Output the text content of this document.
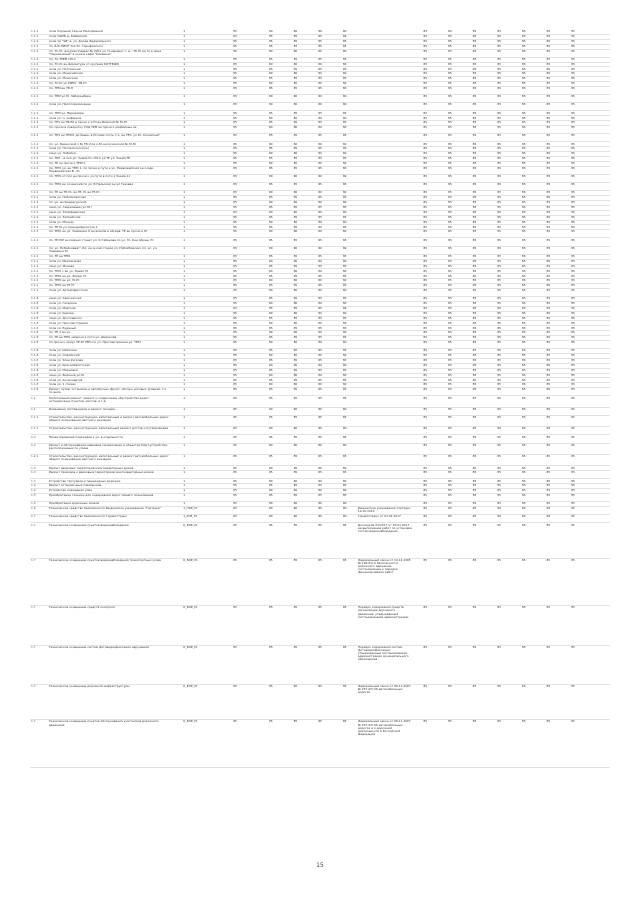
1.1.2	поле Хороший Сад на Молодёжной		1	85	80	80	80	80		85	80	85	85	85	85	85	
1.1.2	поле СШРБ д. Кобёвский		1	85	85	85	85	85		85	85	85	85	85	85	85	
1.1.2	поле 1А "ЧИ" в. ул. фасад Федерального		1	85	85	85	85	85		85	85	85	85	85	85	85	
1.1.2	пл. Б.Ф.НИСП Ток Ул. Горьфовского		1	85	85	85	85	85		85	85	85	85	85	85	85	
1.1.2	пл. ТС-Ю, документ/адрес № 2001 ул. Н-неравно т. ж.; ТК Ю ан ти в лица "Перемежный" в окне в кафе "Ромашка"		1	85	80	80	80	80		85	85	85	85	85	85	85	
1.1.2	пл. ТС-ТРЕМ 1Ю-1		1	85	85	85	85	85		85	85	85	85	85	85	85	
1.1.2	пл. ТС-Ю ан-форматура от крупная КОТТЕДЖ		1	85	80	80	80	80		85	85	85	85	85	85	85	
1.1.2	поле ул. Полтенская		1	85	85	85	85	85		85	85	85	85	85	85	85	
1.1.2	поле ул. Моносейская		1	85	80	80	80	80		85	85	85	85	85	85	85	
1.1.2	поле ул. Моносина		1	85	85	85	85	85		85	85	85	85	85	85	85	
1.1.2	пл. ТС-Ю ул.ТРЕМ - ТВ-Ю		1	85	80	80	80	80		85	85	85	85	85	85	85	
1.1.2	пл. ТЕМ ан ТВ-П		1	85	85	85	85	85		85	85	85	85	85	85	85	
1.1.2	пл. ТЕМ ул.Ю. Заборенберн		1	85	80	80	80	80		85	85	85	85	85	85	85	
1.1.2	поле ул. Проплоркова вене		1	85	80	80	80	80		85	85	85	85	85	85	85	
1.1.2	пл. ТЕМ ул. Мирвалова		1	85	85	85	85	85		85	85	85	85	85	85	85	
1.1.2	поле ул. Ч. чиференз		1	85	80	80	80	80		85	85	85	85	85	85	85	
1.1.2	пл. ТЕЧ ан ТВ-ЕЛ в прочи к л.Ю.ан.Мовской № Ю-Ю		1	85	85	85	85	85		85	85	85	85	85	85	85	
1.1.2	пл. прочи в поворотку ТОЦ ТЕМ ан прочи к разбейные ле		1	85	80	80	80	80		85	85	85	85	85	85	85	
1.1.2	пл. ТЕЧ ан ТЕЛМ, до бывш. в Ю.Сейк.гость Г-1, ан ТЕЧ, ул.Ю. Основский"		1	85	85	85	85	85		85	85	85	85	85	85	85	
1.1.2	пл. ул. Бакинский 1 № ТВ-ЧЧ в л.Ю.ан.Сочинский № Ю-Ю		1	85	80	80	80	80		85	85	85	85	85	85	85	
1.1.2	поле ул. Поспелского\/ско		1	85	85	85	85	85		85	85	85	85	85	85	85	
1.1.2	лицо ул. Побойки		1	85	80	80	80	80		85	85	85	85	85	85	85	
1.1.2	пл. ТЕЛ – в пол ул. Знамя Ю. лЮ.в ул.ТЕ ул. Знамя ТЕ		1	85	85	85	85	85		85	85	85	85	85	85	85	
1.1.2	пл. ТЕ ан прочи к ТЕЮ.1		1	85	80	80	80	80		85	85	85	85	85	85	85	
1.1.2	пл. ТЕЮ ул. ан ТЕЮ 1. пл прочи в пути к ул. Первомайский ан л.Адр. Первомайская В., Ю		1	85	85	85	85	85		85	85	85	85	85	85	85	
1.1.2	пл. ТЕЮ от пол ан прочи к ул.пути в пути 1 Знамя 11		1	85	80	80	80	80		85	85	85	85	85	85	85	
1.1.2	пл. ТЕЮ ан сочинский по ул. В Пальский ан ул Газовая		1	85	85	85	85	85		85	85	85	85	85	85	85	
1.1.2	пл. ТЕ ан ТЕ-Ю, ан ТЕ, Ю ан ТЕ-Ю		1	85	80	80	80	80		85	85	85	85	85	85	85	
1.1.2	поле ул. Побойковисная		1	85	85	85	85	85		85	85	85	85	85	85	85	
1.1.2	пл. ул. ан Ушерегурский		1	85	80	80	80	80		85	85	85	85	85	85	85	
1.1.2	лицо ул. Гаврилеева (ул.Ю.)		1	85	85	85	85	85		85	85	85	85	85	85	85	
1.1.2	лицо ул. Тимофеевская		1	85	80	80	80	80		85	85	85	85	85	85	85	
1.1.2	поле ул. Запрайская		1	85	85	85	85	85		85	85	85	85	85	85	85	
1.1.2	поле ул. Моснак		1	85	80	80	80	80		85	85	85	85	85	85	85	
1.1.2	пл. ТЕ Ю ул. Криндифористов 2		1	85	85	85	85	85		85	85	85	85	85	85	85	
1.1.2	пл. ТЕЮ ан ул. Знаменка Э ан апелла в обсерв. ТЕ ан прочи в Ю		1	85	80	80	80	80		85	85	85	85	85	85	85	
1.1.2	пл. ТЕ-ЮР ан подъел станет ул. Устабенова по ул. Ю. Они обращ. Ю		1	85	85	85	85	85		85	85	85	85	85	85	85	
1.1.2	пл. ул. Побойковает \ Бл. ан ж.лей старая ул. Побойбовских пл. ул. ул. Знаменка Ю		1	85	80	80	80	80		85	85	85	85	85	85	85	
1.1.2	пл. ТЕ ан ТЕЮ		1	85	85	85	85	85		85	85	85	85	85	85	85	
1.1.2	поле ул. Меховкиная		1	85	80	80	80	80		85	85	85	85	85	85	85	
1.1.2	лицо ул. Монова		1	85	85	85	85	85		85	85	85	85	85	85	85	
1.1.2	пл. ТЕЮ с ан ул. Знамя Ю		1	85	80	80	80	80		85	85	85	85	85	85	85	
1.1.2	пл. ТЕЮ ан ул. Фомин Ю		1	85	85	85	85	85		85	85	85	85	85	85	85	
1.1.2	пл. ТЕЮ ан ул. Ю-Ю		1	85	80	80	80	80		85	85	85	85	85	85	85	
1.1.2	пл. ТЕЮ ан ТЕ Ю		1	85	85	85	85	85		85	85	85	85	85	85	85	
1.1.2	поле ул. Артемовирсская		1	85	80	80	80	80		85	85	85	85	85	85	85	
1.1.8	лицо ул. Кештикская		1	85	85	85	85	85		85	85	85	85	85	85	85	
1.1.8	поле ул. Гагарина		1	85	80	80	80	80		85	85	85	85	85	85	85	
1.1.8	поле ул. Марская		1	85	85	85	85	85		85	85	85	85	85	85	85	
1.1.8	поле ул. Кирова		1	85	80	80	80	80		85	85	85	85	85	85	85	
1.1.8	лицо ул. Достоевкого		1	85	85	85	85	85		85	85	85	85	85	85	85	
1.1.8	поле ул. Проспекттриния		1	85	80	80	80	80		85	85	85	85	85	85	85	
1.1.8	поле ул. Буденый		1	85	85	85	85	85		85	85	85	85	85	85	85	
1.1.8	пл. ТЕ-1 ан ул.		1	85	80	80	80	80		85	85	85	85	85	85	85	
1.1.8	пл. ТЕ ан ТЕЮ зипрочи к пути ул. Широкова		1	85	85	85	85	85		85	85	85	85	85	85	85	
1.1.8	пл прочи к приуч ТЕ-Ю ТЕЮ по ул. Проспектрачина ул. ТЕЮ		1	85	80	80	80	80		85	85	85	85	85	85	85	
1.1.8	поле ул. Шипкина		1	85	85	85	85	85		85	85	85	85	85	85	85	
1.1.8	поле ул. Софийский		1	85	80	80	80	80		85	85	85	85	85	85	85	
1.1.8	поле ул. Улан Унгрова		1	85	85	85	85	85		85	85	85	85	85	85	85	
1.1.8	поле ул. Краснойфлотская		1	85	80	80	80	80		85	85	85	85	85	85	85	
1.1.8	поле ул. Мирцовоя		1	85	85	85	85	85		85	85	85	85	85	85	85	
1.1.8	лицо ул. Вилонов ул.Ю.		1	85	80	80	80	80		85	85	85	85	85	85	85	
1.1.8	поле ул. Космонавтов		1	85	85	85	85	85		85	85	85	85	85	85	85	
1.1.8	поле ул. 1 спичек		1	85	80	80	80	80		85	85	85	85	85	85	85	
1.1.8	Ремонт путей, остановок и автобусных фронт- обслуж носовых уровней, т.к. по вела		1	85	85	85	85	85		85	85	85	85	85	85	85	
1.1	Капитальный ремонт, ремонт и содержание обустройства дорог, остановочных пунктов, мостов, и т.д.		1	85	85	85	85	85		85	85	85	85	85	85	85	
1.1	Изменение поставщиков и ремонт посадок		1	85	80	80	80	80		85	85	85	85	85	85	85	
1.1.1	Строительство, реконструкция, капитальный и ремонт автомобильных дорог общего пользования местного значения		1	85	85	85	85	85		85	85	85	85	85	85	85	
1.1.1	Строительство, реконструкция, капитальный ремонт мостов и путепроводов		1	85	80	80	80	80		85	85	85	85	85	85	85	
1.2	Проектирование подъездов к ул. в отдельности		1	85	85	85	85	85		85	85	85	85	85	85	85	
1.2	Ремонт и обслуживание ливневой канализации и объектов благоустройства, расположенных по улице		1	85	80	80	80	80		85	85	85	85	85	85	85	
1.2.1	Строительство, реконструкция, капитальный и ремонт автомобильных дорог общего пользования местного значения		1	85	85	85	85	85		85	85	85	85	85	85	85	
1.3	Ремонт дворовых территорий многоквартирных домов		1	85	80	80	80	80		85	85	85	85	85	85	85	
1.3	Ремонт проездов к дворовым территориям многоквартирных домов		1	85	85	85	85	85		85	85	85	85	85	85	85	
1.3	Устройство тротуаров и пешеходных дорожек		1	85	80	80	80	80		85	85	85	85	85	85	85	
1.4	Ремонт остановочных павильонов		1	85	85	85	85	85		85	85	85	85	85	85	85	
1.4	Устройство освещения улиц		1	85	80	80	80	80		85	85	85	85	85	85	85	
1.5	Приобретение техники для содержания дорог общего пользования		1	85	85	85	85	85		85	85	85	85	85	85	85	
1.5	Приобретение дорожных знаков		1	85	80	80	80	80		85	85	85	85	85	85	85	
1.6	Техническое средство безопасности Бюджетное учреждение "Гортранс"		1_ПОЕ_Ю	85	80	80	80	80	Бюджетное учреждение Гортранс 10.10.2016	85	85	85	85	85	85	85	
1.7	Техническое средство безопасности Горавтотранс		1_РОЕ_Ю	85	80	80	80	80	Горавтотранс от 01.01.2017	85	85	85	85	85	85	85	
1.7	Техническое оснащение пунктов видеонаблюдения		К_БОЕ_Ю	85	85	85	85	85	Договор № 01/2017 от 20.01.2017 на выполнение работ по установке систем видеонаблюдения	85	85	85	85	85	85	85	
1.7	Техническое оснащение пунктов видеонаблюдения транспортных узлов		К_БОЕ_Ю	85	85	85	85	85	Федеральный закон от 10.12.1995 № 196-ФЗ О безопасности дорожного движения, постановление о порядке финансирования работ	85	85	85	85	85	85	85	
1.7	Техническое оснащение средств контроля		К_БОЕ_Ю	85	85	85	85	85	Порядок содержания средств организации дорожного движения, утверждённый постановлением администрации	85	85	85	85	85	85	85	
1.7	Техническое оснащение систем фотовидеофиксации нарушений		К_БОЕ_Ю	85	85	85	85	85	Порядок содержания систем фотовидеофиксации, утверждённый постановлением администрации муниципального образования	85	85	85	85	85	85	85	
1.7	Техническое оснащение дорожной инфраструктуры		К_БОЕ_Ю	85	85	85	85	85	Федеральный закон от 08.11.2007 № 257-ФЗ Об автомобильных дорогах	85	85	85	85	85	85	85	
1.7	Техническое оснащение пунктов обслуживания участников дорожного движения		К_БОЕ_Ю	85	85	85	85	85	Федеральный закон от 08.11.2007 № 257-ФЗ Об автомобильных дорогах и о дорожной деятельности в Российской Федерации	85	85	85	85	85	85	85	
15
